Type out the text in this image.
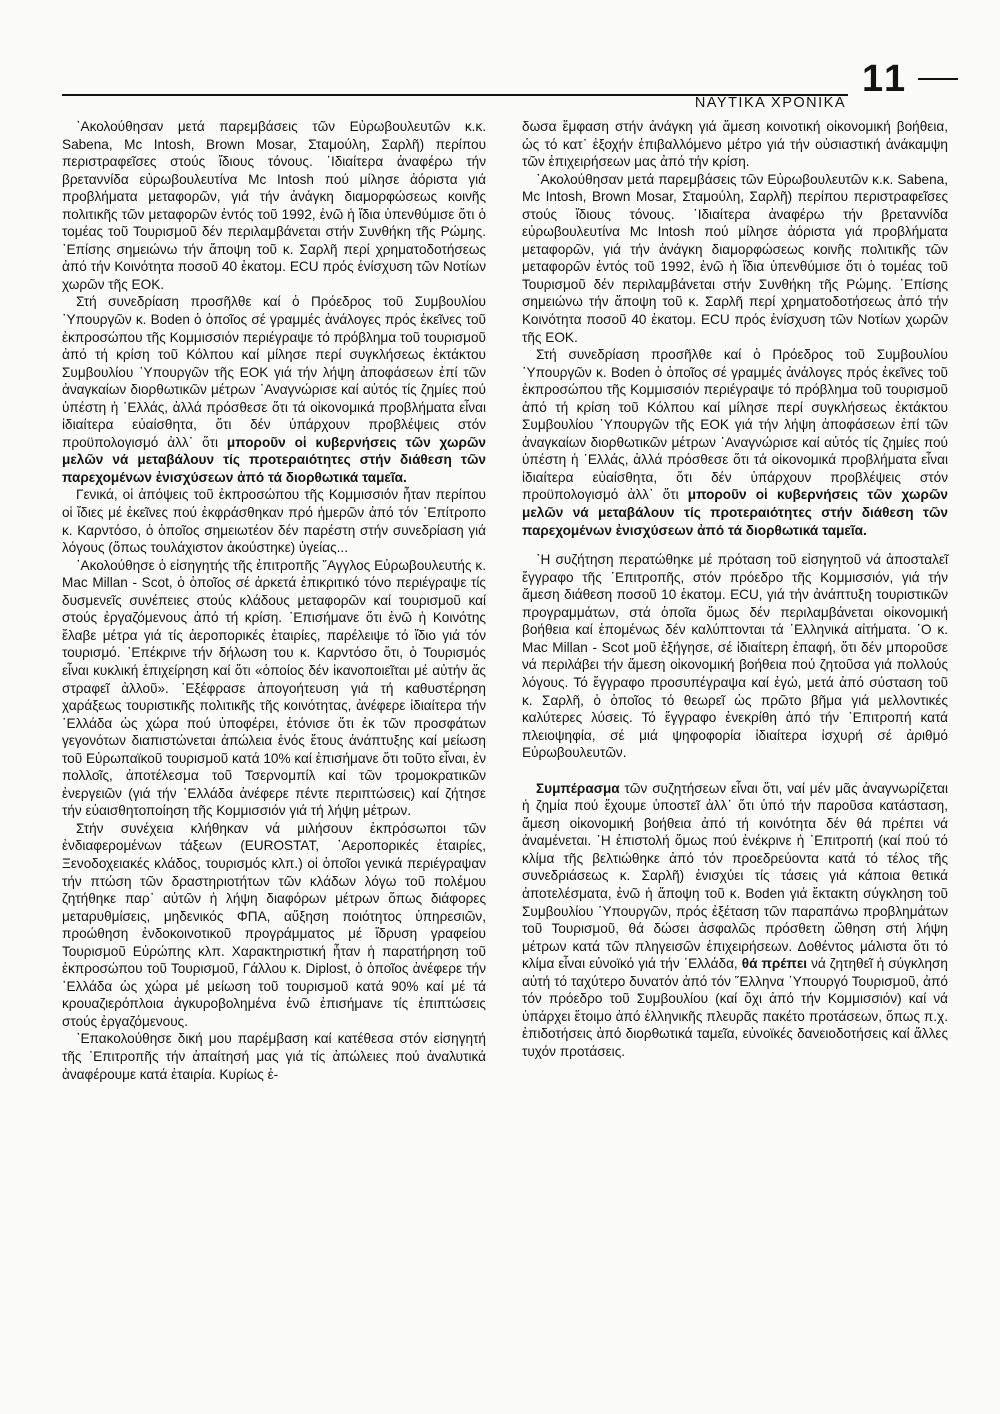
ΝΑΥΤΙΚΑ ΧΡΟΝΙΚΑ
11

᾿Ακολούθησαν μετά παρεμβάσεις τῶν Εὐρωβουλευτῶν κ.κ. Sabena, Mc Intosh, Brown Mosar, Σταμούλη, Σαρλῆ) περίπου περιστραφεῖσες στούς ἴδιους τόνους. ᾿Ιδιαίτερα ἀναφέρω τήν βρεταννίδα εὐρωβουλευτίνα Mc Intosh πού μίλησε ἀόριστα γιά προβλήματα μεταφορῶν, γιά τήν ἀνάγκη διαμορφώσεως κοινῆς πολιτικῆς τῶν μεταφορῶν ἐντός τοῦ 1992, ἐνῶ ἡ ἴδια ὑπενθύμισε ὅτι ὁ τομέας τοῦ Τουρισμοῦ δέν περιλαμβάνεται στήν Συνθήκη τῆς Ρώμης. ᾿Επίσης σημειώνω τήν ἄποψη τοῦ κ. Σαρλῆ περί χρηματοδοτήσεως ἀπό τήν Κοινότητα ποσοῦ 40 ἑκατομ. ECU πρός ἐνίσχυση τῶν Νοτίων χωρῶν τῆς ΕΟΚ.

Στή συνεδρίαση προσῆλθε καί ὁ Πρόεδρος τοῦ Συμβουλίου ῾Υπουργῶν κ. Boden ὁ ὁποῖος σέ γραμμές ἀνάλογες πρός ἐκεῖνες τοῦ ἐκπροσώπου τῆς Κομμισσιόν περιέγραψε τό πρόβλημα τοῦ τουρισμοῦ ἀπό τή κρίση τοῦ Κόλπου καί μίλησε περί συγκλήσεως ἐκτάκτου Συμβουλίου ῾Υπουργῶν τῆς ΕΟΚ γιά τήν λήψη ἀποφάσεων ἐπί τῶν ἀναγκαίων διορθωτικῶν μέτρων ᾿Αναγνώρισε καί αὐτός τίς ζημίες πού ὑπέστη ἡ ῾Ελλάς, ἀλλά πρόσθεσε ὅτι τά οἰκονομικά προβλήματα εἶναι ἰδιαίτερα εὐαίσθητα, ὅτι δέν ὑπάρχουν προβλέψεις στόν προϋπολογισμό ἀλλ᾿ ὅτι μποροῦν οἱ κυβερνήσεις τῶν χωρῶν μελῶν νά μεταβάλουν τίς προτεραιότητες στήν διάθεση τῶν παρεχομένων ἐνισχύσεων ἀπό τά διορθωτικά ταμεῖα.

Γενικά, οἱ ἀπόψεις τοῦ ἐκπροσώπου τῆς Κομμισσιόν ἦταν περίπου οἱ ἴδιες μέ ἐκεῖνες πού ἐκφράσθηκαν πρό ἡμερῶν ἀπό τόν ᾿Επίτροπο κ. Καρντόσο, ὁ ὁποῖος σημειωτέον δέν παρέστη στήν συνεδρίαση γιά λόγους (ὅπως τουλάχιστον ἀκούστηκε) ὑγείας...

᾿Ακολούθησε ὁ εἰσηγητής τῆς ἐπιτροπῆς ῎Αγγλος Εὐρωβουλευτής κ. Mac Millan - Scot, ὁ ὁποῖος σέ ἀρκετά ἐπικριτικό τόνο περιέγραψε τίς δυσμενεῖς συνέπειες στούς κλάδους μεταφορῶν καί τουρισμοῦ καί στούς ἐργαζόμενους ἀπό τή κρίση. ᾿Επισήμανε ὅτι ἐνῶ ἡ Κοινότης ἔλαβε μέτρα γιά τίς ἀεροπορικές ἑταιρίες, παρέλειψε τό ἴδιο γιά τόν τουρισμό. ᾿Επέκρινε τήν δήλωση του κ. Καρντόσο ὅτι, ὁ Τουρισμός εἶναι κυκλική ἐπιχείρηση καί ὅτι «ὁποίος δέν ἱκανοποιεῖται μέ αὐτήν ἄς στραφεῖ ἀλλοῦ». ᾿Εξέφρασε ἀπογοήτευση γιά τή καθυστέρηση χαράξεως τουριστικῆς πολιτικῆς τῆς κοινότητας, ἀνέφερε ἰδιαίτερα τήν ῾Ελλάδα ὡς χώρα πού ὑποφέρει, ἐτόνισε ὅτι ἐκ τῶν προσφάτων γεγονότων διαπιστώνεται ἀπώλεια ἑνός ἔτους ἀνάπτυξης καί μείωση τοῦ Εὐρωπαϊκοῦ τουρισμοῦ κατά 10% καί ἐπισήμανε ὅτι τοῦτο εἶναι, ἐν πολλοῖς, ἀποτέλεσμα τοῦ Τσερνομπίλ καί τῶν τρομοκρατικῶν ἐνεργειῶν (γιά τήν ῾Ελλάδα ἀνέφερε πέντε περιπτώσεις) καί ζήτησε τήν εὐαισθητοποίηση τῆς Κομμισσιόν γιά τή λήψη μέτρων.

Στήν συνέχεια κλήθηκαν νά μιλήσουν ἐκπρόσωποι τῶν ἐνδιαφερομένων τάξεων (EUROSTAT, ᾿Αεροπορικές ἑταιρίες, Ξενοδοχειακές κλάδος, τουρισμός κλπ.) οἱ ὁποῖοι γενικά περιέγραψαν τήν πτώση τῶν δραστηριοτήτων τῶν κλάδων λόγω τοῦ πολέμου ζητήθηκε παρ᾿ αὐτῶν ἡ λήψη διαφόρων μέτρων ὅπως διάφορες μεταρυθμίσεις, μηδενικός ΦΠΑ, αὔξηση ποιότητος ὑπηρεσιῶν, προώθηση ἐνδοκοινοτικοῦ προγράμματος μέ ἵδρυση γραφείου Τουρισμοῦ Εὐρώπης κλπ. Χαρακτηριστική ἦταν ἡ παρατήρηση τοῦ ἐκπροσώπου τοῦ Τουρισμοῦ, Γάλλου κ. Diplost, ὁ ὁποῖος ἀνέφερε τήν ῾Ελλάδα ὡς χώρα μέ μείωση τοῦ τουρισμοῦ κατά 90% καί μέ τά κρουαζιερόπλοια ἀγκυροβολημένα ἐνῶ ἐπισήμανε τίς ἐπιπτώσεις στούς ἐργαζόμενους.

᾿Επακολούθησε δική μου παρέμβαση καί κατέθεσα στόν εἰσηγητή τῆς ᾿Επιτροπῆς τήν ἀπαίτησή μας γιά τίς ἀπώλειες πού ἀναλυτικά ἀναφέρουμε κατά ἑταιρία. Κυρίως ἐ-

δωσα ἔμφαση στήν ἀνάγκη γιά ἄμεση κοινοτική οἰκονομική βοήθεια, ὡς τό κατ᾿ ἐξοχήν ἐπιβαλλόμενο μέτρο γιά τήν οὐσιαστική ἀνάκαμψη τῶν ἐπιχειρήσεων μας ἀπό τήν κρίση.

᾿Ακολούθησαν μετά παρεμβάσεις τῶν Εὐρωβουλευτῶν κ.κ. Sabena, Mc Intosh, Brown Mosar, Σταμούλη, Σαρλῆ) περίπου περιστραφεῖσες στούς ἴδιους τόνους. ᾿Ιδιαίτερα ἀναφέρω τήν βρεταννίδα εὐρωβουλευτίνα Mc Intosh πού μίλησε ἀόριστα γιά προβλήματα μεταφορῶν, γιά τήν ἀνάγκη διαμορφώσεως κοινῆς πολιτικῆς τῶν μεταφορῶν ἐντός τοῦ 1992, ἐνῶ ἡ ἴδια ὑπενθύμισε ὅτι ὁ τομέας τοῦ Τουρισμοῦ δέν περιλαμβάνεται στήν Συνθήκη τῆς Ρώμης. ᾿Επίσης σημειώνω τήν ἄποψη τοῦ κ. Σαρλῆ περί χρηματοδοτήσεως ἀπό τήν Κοινότητα ποσοῦ 40 ἑκατομ. ECU πρός ἐνίσχυση τῶν Νοτίων χωρῶν τῆς ΕΟΚ.

Στή συνεδρίαση προσῆλθε καί ὁ Πρόεδρος τοῦ Συμβουλίου ῾Υπουργῶν κ. Boden ὁ ὁποῖος σέ γραμμές ἀνάλογες πρός ἐκεῖνες τοῦ ἐκπροσώπου τῆς Κομμισσιόν περιέγραψε τό πρόβλημα τοῦ τουρισμοῦ ἀπό τή κρίση τοῦ Κόλπου καί μίλησε περί συγκλήσεως ἐκτάκτου Συμβουλίου ῾Υπουργῶν τῆς ΕΟΚ γιά τήν λήψη ἀποφάσεων ἐπί τῶν ἀναγκαίων διορθωτικῶν μέτρων ᾿Αναγνώρισε καί αὐτός τίς ζημίες πού ὑπέστη ἡ ῾Ελλάς, ἀλλά πρόσθεσε ὅτι τά οἰκονομικά προβλήματα εἶναι ἰδιαίτερα εὐαίσθητα, ὅτι δέν ὑπάρχουν προβλέψεις στόν προϋπολογισμό ἀλλ᾿ ὅτι μποροῦν οἱ κυβερνήσεις τῶν χωρῶν μελῶν νά μεταβάλουν τίς προτεραιότητες στήν διάθεση τῶν παρεχομένων ἐνισχύσεων ἀπό τά διορθωτικά ταμεῖα.

῾Η συζήτηση περατώθηκε μέ πρόταση τοῦ εἰσηγητοῦ νά ἀποσταλεῖ ἔγγραφο τῆς ᾿Επιτροπῆς, στόν πρόεδρο τῆς Κομμισσιόν, γιά τήν ἄμεση διάθεση ποσοῦ 10 ἑκατομ. ECU, γιά τήν ἀνάπτυξη τουριστικῶν προγραμμάτων, στά ὁποῖα ὅμως δέν περιλαμβάνεται οἰκονομική βοήθεια καί ἑπομένως δέν καλύπτονται τά ῾Ελληνικά αἰτήματα. ῾Ο κ. Mac Millan - Scot μοῦ ἐξήγησε, σέ ἰδιαίτερη ἐπαφή, ὅτι δέν μποροῦσε νά περιλάβει τήν ἄμεση οἰκονομική βοήθεια πού ζητοῦσα γιά πολλούς λόγους. Τό ἔγγραφο προσυπέγραψα καί ἐγώ, μετά ἀπό σύσταση τοῦ κ. Σαρλῆ, ὁ ὁποῖος τό θεωρεῖ ὡς πρῶτο βῆμα γιά μελλοντικές καλύτερες λύσεις. Τό ἔγγραφο ἐνεκρίθη ἀπό τήν ᾿Επιτροπή κατά πλειοψηφία, σέ μιά ψηφοφορία ἰδιαίτερα ἰσχυρή σέ ἀριθμό Εὐρωβουλευτῶν.

Συμπέρασμα τῶν συζητήσεων εἶναι ὅτι, ναί μέν μᾶς ἀναγνωρίζεται ἡ ζημία πού ἔχουμε ὑποστεῖ ἀλλ᾿ ὅτι ὑπό τήν παροῦσα κατάσταση, ἄμεση οἰκονομική βοήθεια ἀπό τή κοινότητα δέν θά πρέπει νά ἀναμένεται. ῾Η ἐπιστολή ὅμως πού ἐνέκρινε ἡ ᾿Επιτροπή (καί πού τό κλίμα τῆς βελτιώθηκε ἀπό τόν προεδρεύοντα κατά τό τέλος τῆς συνεδριάσεως κ. Σαρλῆ) ἐνισχύει τίς τάσεις γιά κάποια θετικά ἀποτελέσματα, ἐνῶ ἡ ἄποψη τοῦ κ. Boden γιά ἔκτακτη σύγκληση τοῦ Συμβουλίου ῾Υπουργῶν, πρός ἐξέταση τῶν παραπάνω προβλημάτων τοῦ Τουρισμοῦ, θά δώσει ἀσφαλῶς πρόσθετη ὤθηση στή λήψη μέτρων κατά τῶν πληγεισῶν ἐπιχειρήσεων. Δοθέντος μάλιστα ὅτι τό κλίμα εἶναι εὐνοϊκό γιά τήν ῾Ελλάδα, θά πρέπει νά ζητηθεῖ ἡ σύγκληση αὐτή τό ταχύτερο δυνατόν ἀπό τόν ῞Ελληνα ῾Υπουργό Τουρισμοῦ, ἀπό τόν πρόεδρο τοῦ Συμβουλίου (καί ὄχι ἀπό τήν Κομμισσιόν) καί νά ὑπάρχει ἕτοιμο ἀπό ἑλληνικῆς πλευρᾶς πακέτο προτάσεων, ὅπως π.χ. ἐπιδοτήσεις ἀπό διορθωτικά ταμεῖα, εὐνοϊκές δανειοδοτήσεις καί ἄλλες τυχόν προτάσεις.
